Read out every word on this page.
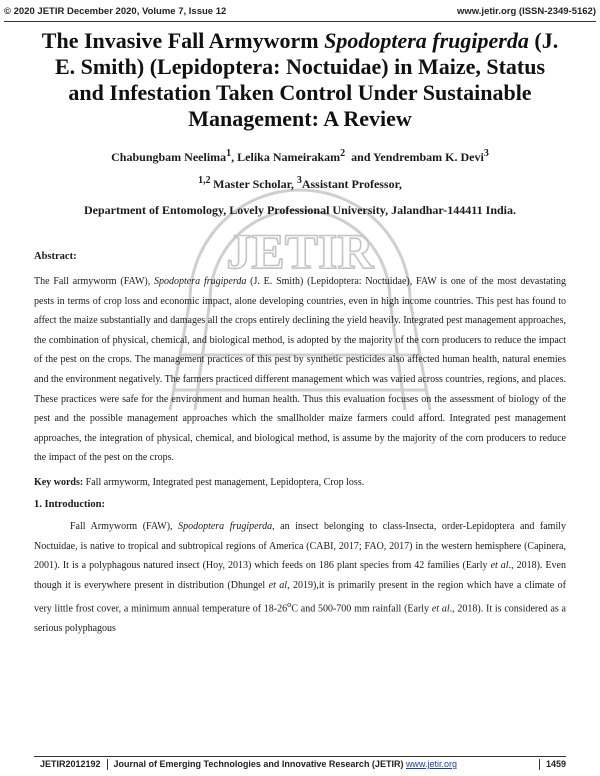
© 2020 JETIR December 2020, Volume 7, Issue 12	www.jetir.org (ISSN-2349-5162)
JETIR
The Invasive Fall Armyworm Spodoptera frugiperda (J. E. Smith) (Lepidoptera: Noctuidae) in Maize, Status and Infestation Taken Control Under Sustainable Management: A Review
Chabungbam Neelima$^1$, Lelika Nameirakam$^2$  and Yendrembam K. Devi$^3$
$^{1,2}$ Master Scholar, $^3$Assistant Professor,
Department of Entomology, Lovely Professional University, Jalandhar-144411 India.
Abstract:

The Fall armyworm (FAW), Spodoptera frugiperda (J. E. Smith) (Lepidoptera: Noctuidae), FAW is one of the most devastating pests in terms of crop loss and economic impact, alone developing countries, even in high income countries. This pest has found to affect the maize substantially and damages all the crops entirely declining the yield heavily. Integrated pest management approaches, the combination of physical, chemical, and biological method, is adopted by the majority of the corn producers to reduce the impact of the pest on the crops. The management practices of this pest by synthetic pesticides also affected human health, natural enemies and the environment negatively. The farmers practiced different management which was varied across countries, regions, and places. These practices were safe for the environment and human health. Thus this evaluation focuses on the assessment of biology of the pest and the possible management approaches which the smallholder maize farmers could afford. Integrated pest management approaches, the integration of physical, chemical, and biological method, is assume by the majority of the corn producers to reduce the impact of the pest on the crops.

Key words: Fall armyworm, Integrated pest management, Lepidoptera, Crop loss.
1. Introduction:

Fall Armyworm (FAW), Spodoptera frugiperda, an insect belonging to class-Insecta, order-Lepidoptera and family Noctuidae, is native to tropical and subtropical regions of America (CABI, 2017; FAO, 2017) in the western hemisphere (Capinera, 2001). It is a polyphagous natured insect (Hoy, 2013) which feeds on 186 plant species from 42 families (Early et al., 2018). Even though it is everywhere present in distribution (Dhungel et al, 2019),it is primarily present in the region which have a climate of very little frost cover, a minimum annual temperature of 18-26$^o$C and 500-700 mm rainfall (Early et al., 2018). It is considered as a serious polyphagous

JETIR2012192 Journal of Emerging Technologies and Innovative Research (JETIR) www.jetir.org	1459
